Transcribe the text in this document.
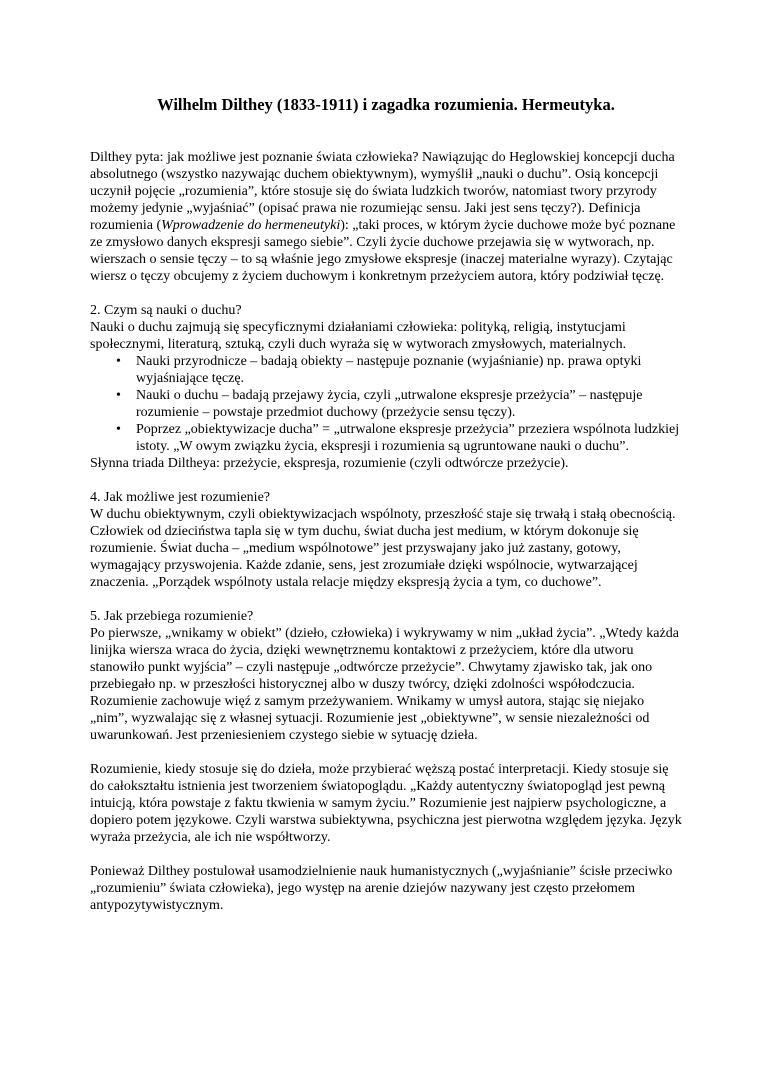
Wilhelm Dilthey (1833-1911) i zagadka rozumienia. Hermeutyka.

Dilthey pyta: jak możliwe jest poznanie świata człowieka? Nawiązując do Heglowskiej koncepcji ducha absolutnego (wszystko nazywając duchem obiektywnym), wymyślił „nauki o duchu”. Osią koncepcji uczynił pojęcie „rozumienia”, które stosuje się do świata ludzkich tworów, natomiast twory przyrody możemy jedynie „wyjaśniać” (opisać prawa nie rozumiejąc sensu. Jaki jest sens tęczy?). Definicja rozumienia (Wprowadzenie do hermeneutyki): „taki proces, w którym życie duchowe może być poznane ze zmysłowo danych ekspresji samego siebie”. Czyli życie duchowe przejawia się w wytworach, np. wierszach o sensie tęczy – to są właśnie jego zmysłowe ekspresje (inaczej materialne wyrazy). Czytając wiersz o tęczy obcujemy z życiem duchowym i konkretnym przeżyciem autora, który podziwiał tęczę.

2. Czym są nauki o duchu?

Nauki o duchu zajmują się specyficznymi działaniami człowieka: polityką, religią, instytucjami społecznymi, literaturą, sztuką, czyli duch wyraża się w wytworach zmysłowych, materialnych.

• Nauki przyrodnicze – badają obiekty – następuje poznanie (wyjaśnianie) np. prawa optyki wyjaśniające tęczę.
• Nauki o duchu – badają przejawy życia, czyli „utrwalone ekspresje przeżycia” – następuje rozumienie – powstaje przedmiot duchowy (przeżycie sensu tęczy).
• Poprzez „obiektywizacje ducha” = „utrwalone ekspresje przeżycia” przeziera wspólnota ludzkiej istoty. „W owym związku życia, ekspresji i rozumienia są ugruntowane nauki o duchu”.

Słynna triada Diltheya: przeżycie, ekspresja, rozumienie (czyli odtwórcze przeżycie).

4. Jak możliwe jest rozumienie?

W duchu obiektywnym, czyli obiektywizacjach wspólnoty, przeszłość staje się trwałą i stałą obecnością. Człowiek od dzieciństwa tapla się w tym duchu, świat ducha jest medium, w którym dokonuje się rozumienie. Świat ducha – „medium wspólnotowe” jest przyswajany jako już zastany, gotowy, wymagający przyswojenia. Każde zdanie, sens, jest zrozumiałe dzięki wspólnocie, wytwarzającej znaczenia. „Porządek wspólnoty ustala relacje między ekspresją życia a tym, co duchowe”.

5. Jak przebiega rozumienie?

Po pierwsze, „wnikamy w obiekt” (dzieło, człowieka) i wykrywamy w nim „układ życia”. „Wtedy każda linijka wiersza wraca do życia, dzięki wewnętrznemu kontaktowi z przeżyciem, które dla utworu stanowiło punkt wyjścia” – czyli następuje „odtwórcze przeżycie”. Chwytamy zjawisko tak, jak ono przebiegało np. w przeszłości historycznej albo w duszy twórcy, dzięki zdolności współodczucia. Rozumienie zachowuje więź z samym przeżywaniem. Wnikamy w umysł autora, stając się niejako „nim”, wyzwalając się z własnej sytuacji. Rozumienie jest „obiektywne”, w sensie niezależności od uwarunkowań. Jest przeniesieniem czystego siebie w sytuację dzieła.

Rozumienie, kiedy stosuje się do dzieła, może przybierać węższą postać interpretacji. Kiedy stosuje się do całokształtu istnienia jest tworzeniem światopoglądu. „Każdy autentyczny światopogląd jest pewną intuicją, która powstaje z faktu tkwienia w samym życiu.” Rozumienie jest najpierw psychologiczne, a dopiero potem językowe. Czyli warstwa subiektywna, psychiczna jest pierwotna względem języka. Język wyraża przeżycia, ale ich nie współtworzy.

Ponieważ Dilthey postulował usamodzielnienie nauk humanistycznych („wyjaśnianie” ścisłe przeciwko „rozumieniu” świata człowieka), jego występ na arenie dziejów nazywany jest często przełomem antypozytywistycznym.
